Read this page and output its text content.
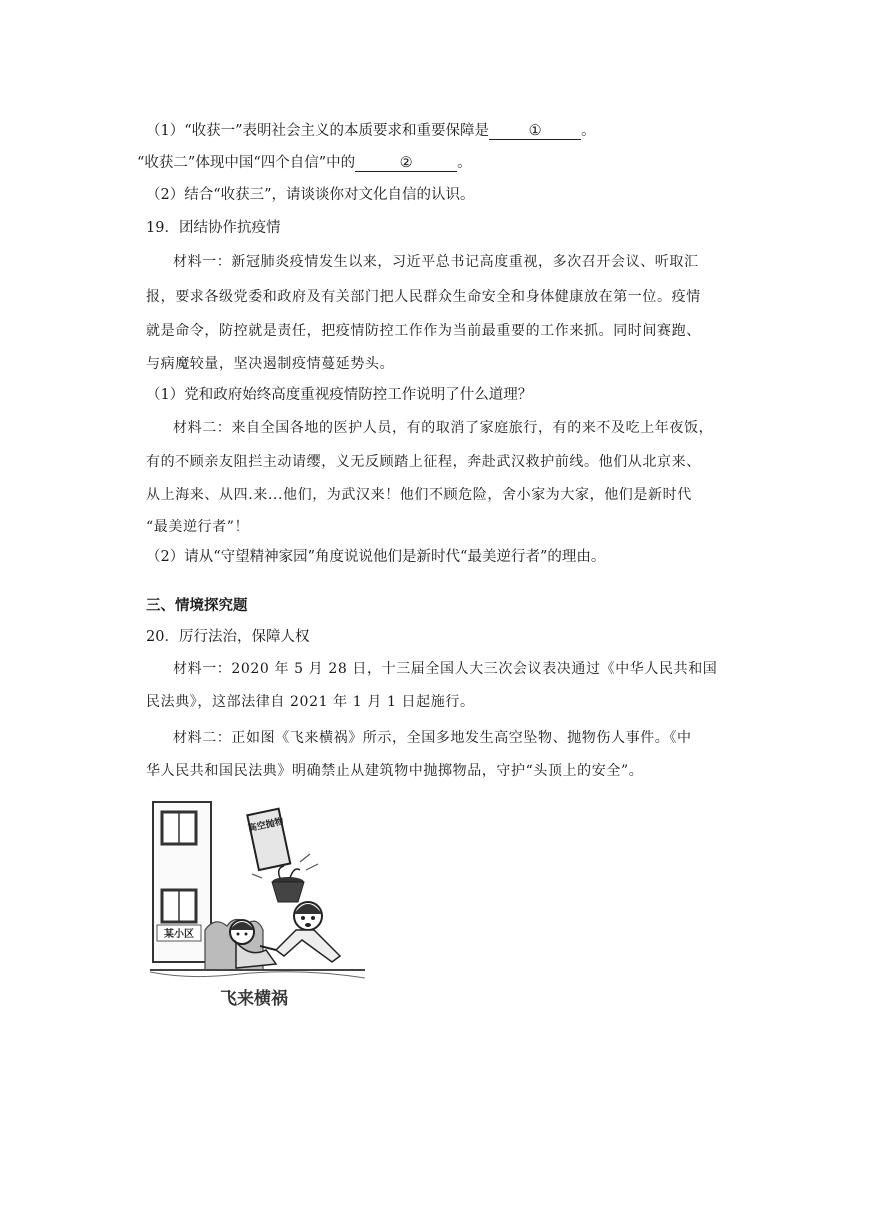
（1）“收获一”表明社会主义的本质要求和重要保障是	①	。
“收获二”体现中国“四个自信”中的	②	。
（2）结合“收获三”，请谈谈你对文化自信的认识。
19．团结协作抗疫情
材料一：新冠肺炎疫情发生以来，习近平总书记高度重视，多次召开会议、听取汇
报，要求各级党委和政府及有关部门把人民群众生命安全和身体健康放在第一位。疫情
就是命令，防控就是责任，把疫情防控工作作为当前最重要的工作来抓。同时间赛跑、
与病魔较量，坚决遏制疫情蔓延势头。
（1）党和政府始终高度重视疫情防控工作说明了什么道理？
材料二：来自全国各地的医护人员，有的取消了家庭旅行，有的来不及吃上年夜饭，
有的不顾亲友阻拦主动请缨，义无反顾踏上征程，奔赴武汉救护前线。他们从北京来、
从上海来、从四.来...他们，为武汉来！他们不顾危险，舍小家为大家，他们是新时代
“最美逆行者”！
（2）请从“守望精神家园”角度说说他们是新时代“最美逆行者”的理由。
三、情境探究题
20．厉行法治，保障人权
材料一：2020 年 5 月 28 日，十三届全国人大三次会议表决通过《中华人民共和国
民法典》，这部法律自 2021 年 1 月 1 日起施行。
材料二：正如图《飞来横祸》所示，全国多地发生高空坠物、抛物伤人事件。《中
华人民共和国民法典》明确禁止从建筑物中抛掷物品，守护“头顶上的安全”。
某小区
高空抛物
飞来横祸
